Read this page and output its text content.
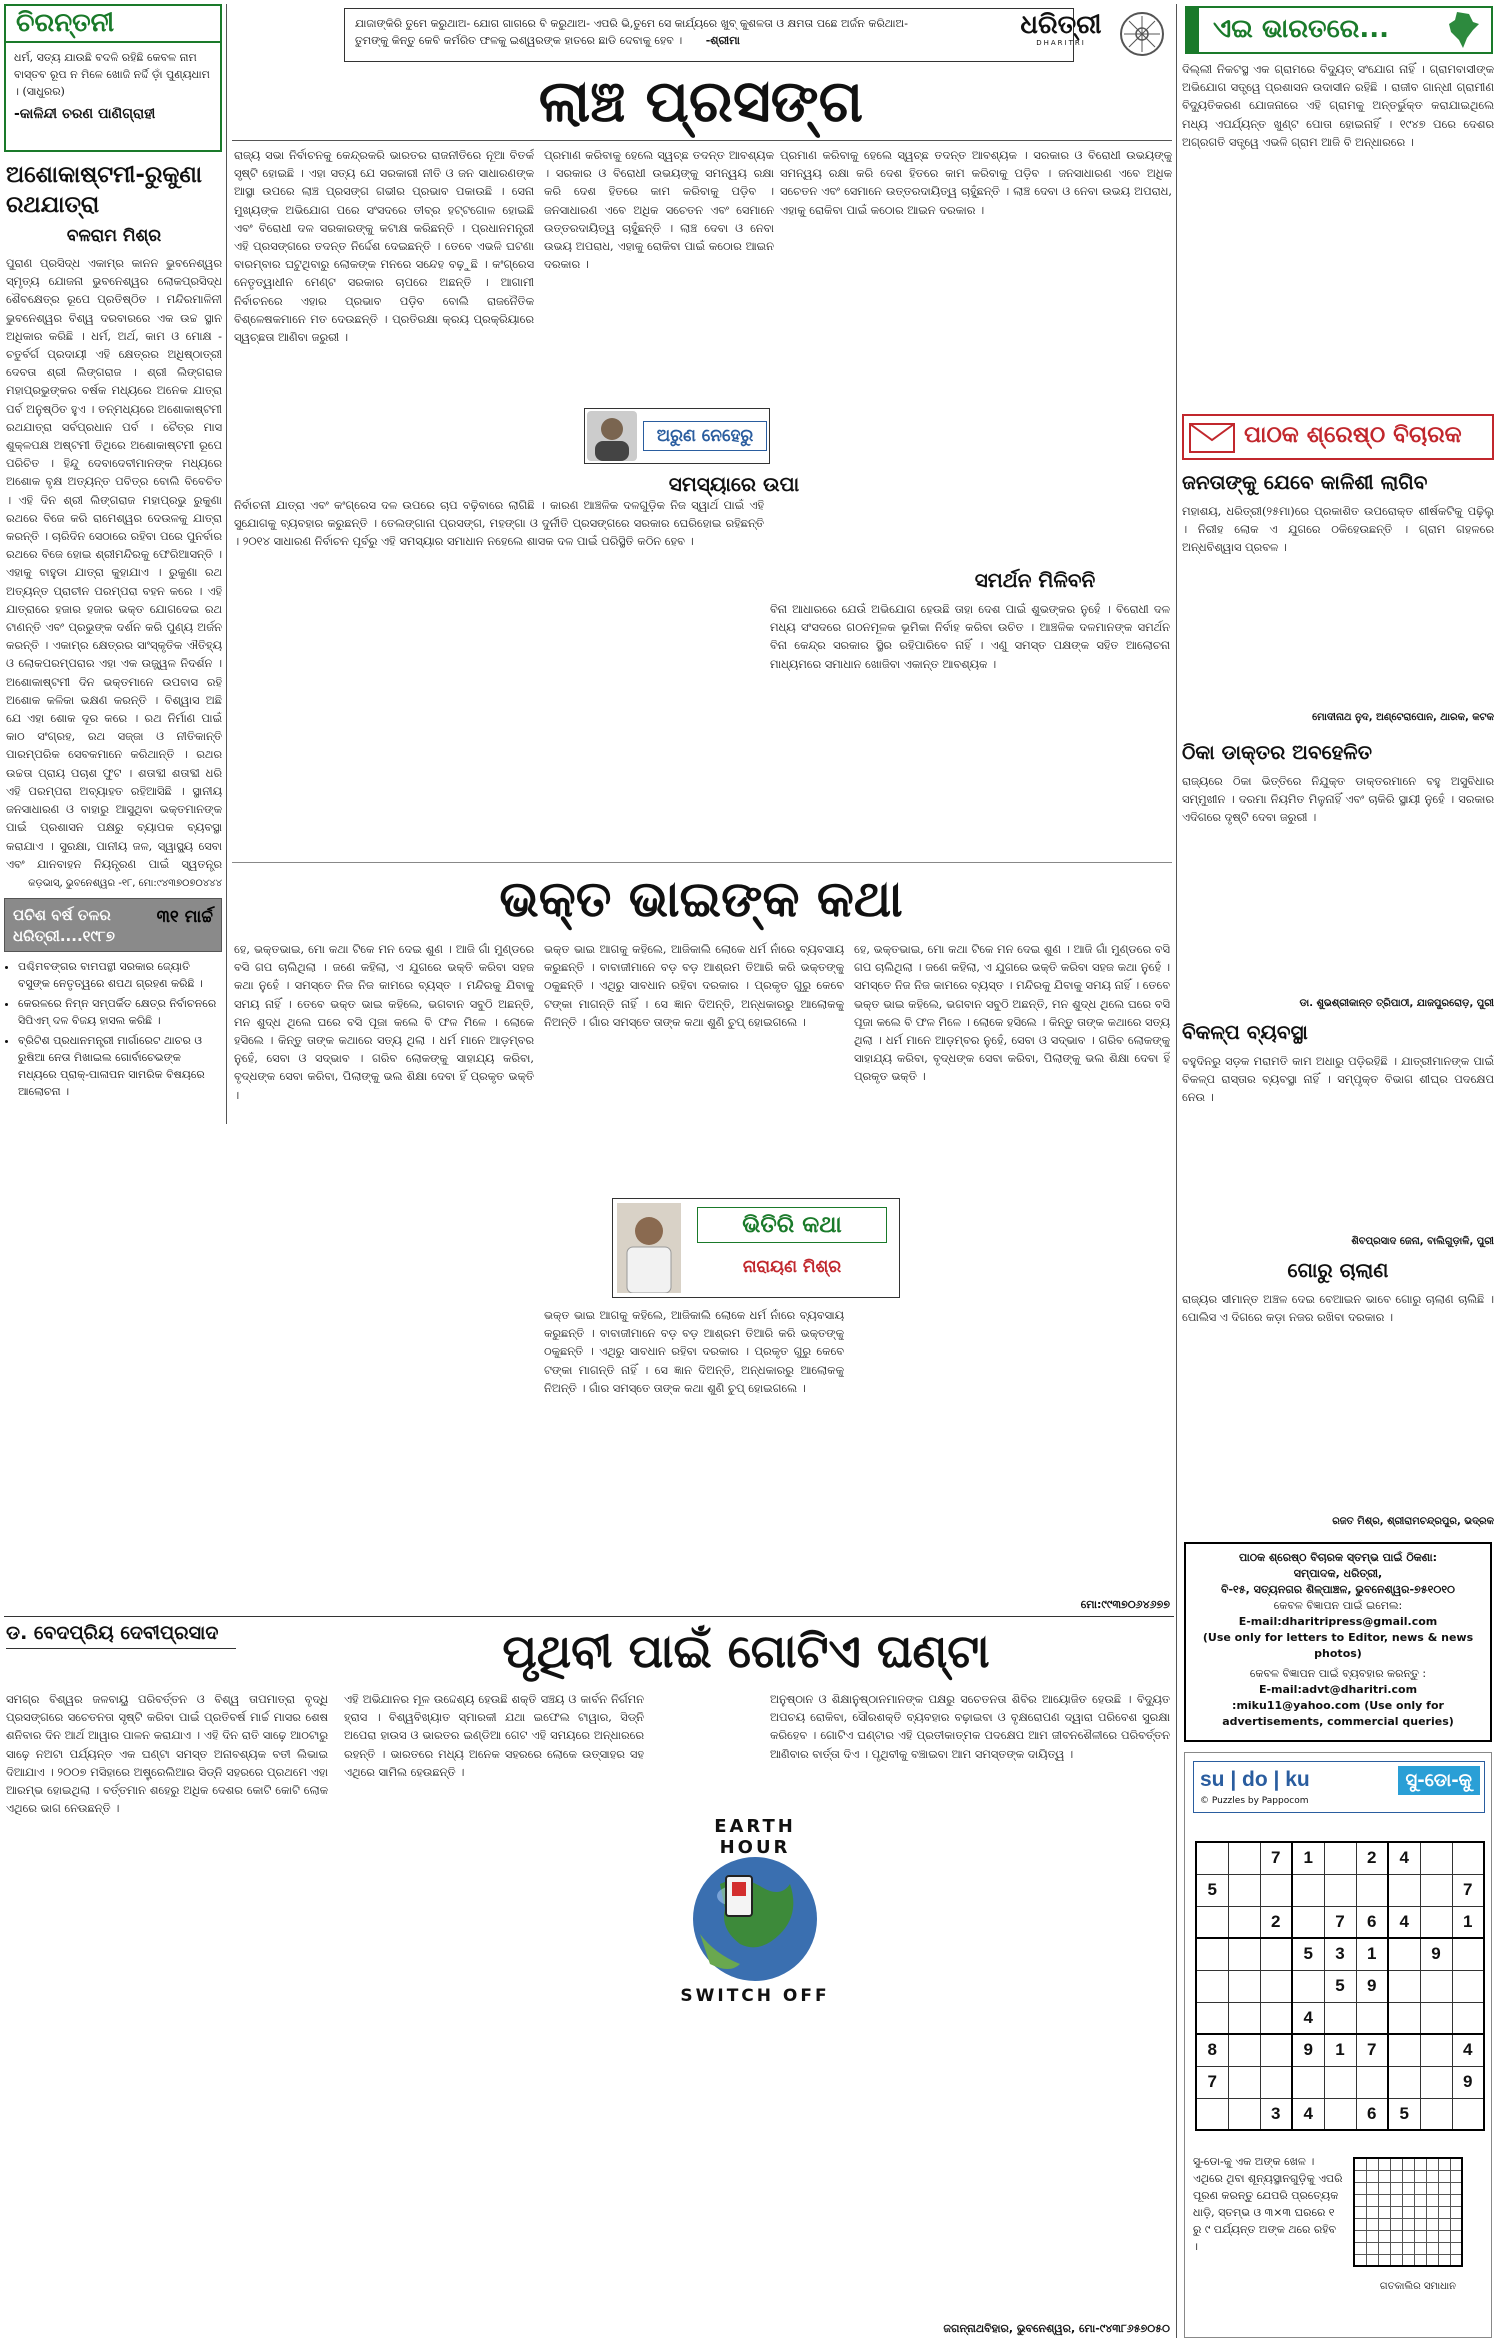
ଚିରନ୍ତନୀ
ଧର୍ମ, ସତ୍ୟ ଯାଉଛି ବଦଳି ରହିଛି କେବଳ ନାମ ବାସ୍ତବ ରୂପ ନ ମିଳେ ଖୋଜି ନର୍ଦ୍ଦି ଡ଼ାଁ ପୁଣ୍ୟଧାମ । (ସାଧୁରର)
-କାଳିନ୍ଦୀ ଚରଣ ପାଣିଗ୍ରାହୀ
ଯାଜାଙ୍କିରି ତୁମେ କରୁଥାଅ- ଯୋଗ ଗାଗରେ ବି କରୁଥାଅ- ଏପରି ଭି,ତୁମେ ସେ କାର୍ଯ୍ୟରେ ଖୁବ୍ କୁଶଳତା ଓ କ୍ଷମତା ପଛେ ଅର୍ଜନ କରିଥାଅ- ତୁମଙ୍କୁ କିନ୍ତୁ କେବି କର୍ମରିତ ଫଳକୁ ଇଶ୍ୱରଙ୍କ ହାତରେ ଛାଡି ଦେବାକୁ ହେବ । -ଶ୍ରୀମା
ଧରିତ୍ରୀ
DHARITRI	ଏଇ ଭାରତରେ...
ଅଶୋକାଷ୍ଟମୀ-ରୁକୁଣା ରଥଯାତ୍ରା
ବଳରାମ ମିଶ୍ର
ପୁରାଣ ପ୍ରସିଦ୍ଧ ଏକାମ୍ର କାନନ ଭୁବନେଶ୍ୱର ସ୍ମୃତ୍ୟ ଯୋଜନା ଭୁବନେଶ୍ୱର ଲୋକପ୍ରସିଦ୍ଧ ଶୈବକ୍ଷେତ୍ର ରୂପେ ପ୍ରତିଷ୍ଠିତ । ମନ୍ଦିରମାଳିନୀ ଭୁବନେଶ୍ୱର ବିଶ୍ୱ ଦରବାରରେ ଏକ ଉଚ୍ଚ ସ୍ଥାନ ଅଧିକାର କରିଛି । ଧର୍ମ, ଅର୍ଥ, କାମ ଓ ମୋକ୍ଷ - ଚତୁର୍ବର୍ଗ ପ୍ରଦାୟୀ ଏହି କ୍ଷେତ୍ରର ଅଧିଷ୍ଠାତ୍ରୀ ଦେବତା ଶ୍ରୀ ଲିଙ୍ଗରାଜ । ଶ୍ରୀ ଲିଙ୍ଗରାଜ ମହାପ୍ରଭୁଙ୍କର ବର୍ଷକ ମଧ୍ୟରେ ଅନେକ ଯାତ୍ରା ପର୍ବ ଅନୁଷ୍ଠିତ ହୁଏ । ତନ୍ମଧ୍ୟରେ ଅଶୋକାଷ୍ଟମୀ ରଥଯାତ୍ରା ସର୍ବପ୍ରଧାନ ପର୍ବ । ଚୈତ୍ର ମାସ ଶୁକ୍ଳପକ୍ଷ ଅଷ୍ଟମୀ ତିଥିରେ ଅଶୋକାଷ୍ଟମୀ ରୂପେ ପରିଚିତ । ହିନ୍ଦୁ ଦେବାଦେବୀମାନଙ୍କ ମଧ୍ୟରେ ଅଶୋକ ବୃକ୍ଷ ଅତ୍ୟନ୍ତ ପବିତ୍ର ବୋଲି ବିବେଚିତ । ଏହି ଦିନ ଶ୍ରୀ ଲିଙ୍ଗରାଜ ମହାପ୍ରଭୁ ରୁକୁଣା ରଥରେ ବିଜେ କରି ରାମେଶ୍ୱର ଦେଉଳକୁ ଯାତ୍ରା କରନ୍ତି । ଚାରିଦିନ ସେଠାରେ ରହିବା ପରେ ପୁନର୍ବାର ରଥରେ ବିଜେ ହୋଇ ଶ୍ରୀମନ୍ଦିରକୁ ଫେରିଆସନ୍ତି । ଏହାକୁ ବାହୁଡା ଯାତ୍ରା କୁହାଯାଏ । ରୁକୁଣା ରଥ ଅତ୍ୟନ୍ତ ପ୍ରାଚୀନ ପରମ୍ପରା ବହନ କରେ । ଏହି ଯାତ୍ରାରେ ହଜାର ହଜାର ଭକ୍ତ ଯୋଗଦେଇ ରଥ ଟାଣନ୍ତି ଏବଂ ପ୍ରଭୁଙ୍କ ଦର୍ଶନ କରି ପୁଣ୍ୟ ଅର୍ଜନ କରନ୍ତି । ଏକାମ୍ର କ୍ଷେତ୍ରର ସାଂସ୍କୃତିକ ଐତିହ୍ୟ ଓ ଲୋକପରମ୍ପରାର ଏହା ଏକ ଉଜ୍ଜ୍ୱଳ ନିଦର୍ଶନ । ଅଶୋକାଷ୍ଟମୀ ଦିନ ଭକ୍ତମାନେ ଉପବାସ ରହି ଅଶୋକ କଳିକା ଭକ୍ଷଣ କରନ୍ତି । ବିଶ୍ୱାସ ଅଛି ଯେ ଏହା ଶୋକ ଦୂର କରେ । ରଥ ନିର୍ମାଣ ପାଇଁ କାଠ ସଂଗ୍ରହ, ରଥ ସଜ୍ଜା ଓ ନୀତିକାନ୍ତି ପାରମ୍ପରିକ ସେବକମାନେ କରିଥାନ୍ତି । ରଥର ଉଚ୍ଚତା ପ୍ରାୟ ପଚାଶ ଫୁଟ । ଶତାବ୍ଦୀ ଶତାବ୍ଦୀ ଧରି ଏହି ପରମ୍ପରା ଅବ୍ୟାହତ ରହିଆସିଛି । ସ୍ଥାନୀୟ ଜନସାଧାରଣ ଓ ବାହାରୁ ଆସୁଥିବା ଭକ୍ତମାନଙ୍କ ପାଇଁ ପ୍ରଶାସନ ପକ୍ଷରୁ ବ୍ୟାପକ ବ୍ୟବସ୍ଥା କରାଯାଏ । ସୁରକ୍ଷା, ପାନୀୟ ଜଳ, ସ୍ୱାସ୍ଥ୍ୟ ସେବା ଏବଂ ଯାନବାହନ ନିୟନ୍ତ୍ରଣ ପାଇଁ ସ୍ୱତନ୍ତ୍ର
କଡ଼ଭାସ୍, ଭୁବନେଶ୍ୱର -୧୮, ମୋ:୯୪୩୭୦୭୦୪୪୪
ପଚିଶ ବର୍ଷ ତଳର ଧରିତ୍ରୀ....୧୯୮୭
୩୧ ମାର୍ଚ୍ଚ
• ପଶ୍ଚିମବଙ୍ଗର ବାମପନ୍ଥୀ ସରକାର ଜ୍ୟୋତି ବସୁଙ୍କ ନେତୃତ୍ୱରେ ଶପଥ ଗ୍ରହଣ କରିଛି ।
• କେରଳରେ ନିମ୍ନ ସମ୍ପର୍କିତ କ୍ଷେତ୍ର ନିର୍ବାଚନରେ ସିପିଏମ୍ ଦଳ ବିଜୟ ହାସଲ କରିଛି ।
• ବ୍ରିଟିଶ ପ୍ରଧାନମନ୍ତ୍ରୀ ମାର୍ଗାରେଟ ଥାଚର ଓ ରୁଷିଆ ନେତା ମିଖାଇଲ ଗୋର୍ବାଚେଭଙ୍କ ମଧ୍ୟରେ ପ୍ରାକ୍-ପାଳାପନ ସାମରିକ ବିଷୟରେ ଆଲୋଚନା ।
ଲାଞ୍ଚ ପ୍ରସଙ୍ଗ
ରାଜ୍ୟ ସଭା ନିର୍ବାଚନକୁ କେନ୍ଦ୍ରକରି ଭାରତର ରାଜନୀତିରେ ନୂଆ ବିତର୍କ ସୃଷ୍ଟି ହୋଇଛି । ଏହା ସତ୍ୟ ଯେ ସରକାରୀ ନୀତି ଓ ଜନ ସାଧାରଣଙ୍କ ଆସ୍ଥା ଉପରେ ଲାଞ୍ଚ ପ୍ରସଙ୍ଗ ଗଭୀର ପ୍ରଭାବ ପକାଉଛି । ସେନା ମୁଖ୍ୟଙ୍କ ଅଭିଯୋଗ ପରେ ସଂସଦରେ ତୀବ୍ର ହଟ୍ଟଗୋଳ ହୋଇଛି ଏବଂ ବିରୋଧୀ ଦଳ ସରକାରଙ୍କୁ କଟାକ୍ଷ କରିଛନ୍ତି । ପ୍ରଧାନମନ୍ତ୍ରୀ ଏହି ପ୍ରସଙ୍ଗରେ ତଦନ୍ତ ନିର୍ଦ୍ଦେଶ ଦେଇଛନ୍ତି । ତେବେ ଏଭଳି ଘଟଣା ବାରମ୍ବାର ଘଟୁଥିବାରୁ ଲୋକଙ୍କ ମନରେ ସନ୍ଦେହ ବଢ଼ୁଛି । କଂଗ୍ରେସ ନେତୃତ୍ୱାଧୀନ ମେଣ୍ଟ ସରକାର ଚାପରେ ଅଛନ୍ତି । ଆଗାମୀ ନିର୍ବାଚନରେ ଏହାର ପ୍ରଭାବ ପଡ଼ିବ ବୋଲି ରାଜନୈତିକ ବିଶ୍ଳେଷକମାନେ ମତ ଦେଉଛନ୍ତି । ପ୍ରତିରକ୍ଷା କ୍ରୟ ପ୍ରକ୍ରିୟାରେ ସ୍ୱଚ୍ଛତା ଆଣିବା ଜରୁରୀ ।
ପ୍ରମାଣ କରିବାକୁ ହେଲେ ସ୍ୱଚ୍ଛ ତଦନ୍ତ ଆବଶ୍ୟକ । ସରକାର ଓ ବିରୋଧୀ ଉଭୟଙ୍କୁ ସମନ୍ୱୟ ରକ୍ଷା କରି ଦେଶ ହିତରେ କାମ କରିବାକୁ ପଡ଼ିବ । ଜନସାଧାରଣ ଏବେ ଅଧିକ ସଚେତନ ଏବଂ ସେମାନେ ଉତ୍ତରଦାୟିତ୍ୱ ଚାହୁଁଛନ୍ତି । ଲାଞ୍ଚ ଦେବା ଓ ନେବା ଉଭୟ ଅପରାଧ, ଏହାକୁ ରୋକିବା ପାଇଁ କଠୋର ଆଇନ ଦରକାର ।
ପ୍ରମାଣ କରିବାକୁ ହେଲେ ସ୍ୱଚ୍ଛ ତଦନ୍ତ ଆବଶ୍ୟକ । ସରକାର ଓ ବିରୋଧୀ ଉଭୟଙ୍କୁ ସମନ୍ୱୟ ରକ୍ଷା କରି ଦେଶ ହିତରେ କାମ କରିବାକୁ ପଡ଼ିବ । ଜନସାଧାରଣ ଏବେ ଅଧିକ ସଚେତନ ଏବଂ ସେମାନେ ଉତ୍ତରଦାୟିତ୍ୱ ଚାହୁଁଛନ୍ତି । ଲାଞ୍ଚ ଦେବା ଓ ନେବା ଉଭୟ ଅପରାଧ, ଏହାକୁ ରୋକିବା ପାଇଁ କଠୋର ଆଇନ ଦରକାର ।
ଅରୁଣ ନେହେରୁ
ସମସ୍ୟାରେ ଉପା
ସମର୍ଥନ ମିଳିବନି
ନିର୍ବାଚନୀ ଯାତ୍ରା ଏବଂ କଂଗ୍ରେସ ଦଳ ଉପରେ ଚାପ ବଢ଼ିବାରେ ଲାଗିଛି । କାରଣ ଆଞ୍ଚଳିକ ଦଳଗୁଡ଼ିକ ନିଜ ସ୍ୱାର୍ଥ ପାଇଁ ଏହି ସୁଯୋଗକୁ ବ୍ୟବହାର କରୁଛନ୍ତି । ତେଲଙ୍ଗାନା ପ୍ରସଙ୍ଗ, ମହଙ୍ଗା ଓ ଦୁର୍ନୀତି ପ୍ରସଙ୍ଗରେ ସରକାର ଘେରିହୋଇ ରହିଛନ୍ତି । ୨୦୧୪ ସାଧାରଣ ନିର୍ବାଚନ ପୂର୍ବରୁ ଏହି ସମସ୍ୟାର ସମାଧାନ ନହେଲେ ଶାସକ ଦଳ ପାଇଁ ପରିସ୍ଥିତି କଠିନ ହେବ ।
ବିନା ଆଧାରରେ ଯେଉଁ ଅଭିଯୋଗ ହେଉଛି ତାହା ଦେଶ ପାଇଁ ଶୁଭଙ୍କର ନୁହେଁ । ବିରୋଧୀ ଦଳ ମଧ୍ୟ ସଂସଦରେ ଗଠନମୂଳକ ଭୂମିକା ନିର୍ବାହ କରିବା ଉଚିତ । ଆଞ୍ଚଳିକ ଦଳମାନଙ୍କ ସମର୍ଥନ ବିନା କେନ୍ଦ୍ର ସରକାର ସ୍ଥିର ରହିପାରିବେ ନାହିଁ । ଏଣୁ ସମସ୍ତ ପକ୍ଷଙ୍କ ସହିତ ଆଲୋଚନା ମାଧ୍ୟମରେ ସମାଧାନ ଖୋଜିବା ଏକାନ୍ତ ଆବଶ୍ୟକ ।
ଭକ୍ତ ଭାଇଙ୍କ କଥା
ହେ, ଭକ୍ତଭାଇ, ମୋ କଥା ଟିକେ ମନ ଦେଇ ଶୁଣ । ଆଜି ଗାଁ ମୁଣ୍ଡରେ ବସି ଗପ ଚାଲିଥିଲା । ଜଣେ କହିଲା, ଏ ଯୁଗରେ ଭକ୍ତି କରିବା ସହଜ କଥା ନୁହେଁ । ସମସ୍ତେ ନିଜ ନିଜ କାମରେ ବ୍ୟସ୍ତ । ମନ୍ଦିରକୁ ଯିବାକୁ ସମୟ ନାହିଁ । ତେବେ ଭକ୍ତ ଭାଇ କହିଲେ, ଭଗବାନ ସବୁଠି ଅଛନ୍ତି, ମନ ଶୁଦ୍ଧ ଥିଲେ ଘରେ ବସି ପୂଜା କଲେ ବି ଫଳ ମିଳେ । ଲୋକେ ହସିଲେ । କିନ୍ତୁ ତାଙ୍କ କଥାରେ ସତ୍ୟ ଥିଲା । ଧର୍ମ ମାନେ ଆଡ଼ମ୍ବର ନୁହେଁ, ସେବା ଓ ସଦ୍ଭାବ । ଗରିବ ଲୋକଙ୍କୁ ସାହାଯ୍ୟ କରିବା, ବୃଦ୍ଧଙ୍କ ସେବା କରିବା, ପିଲାଙ୍କୁ ଭଲ ଶିକ୍ଷା ଦେବା ହିଁ ପ୍ରକୃତ ଭକ୍ତି ।
ଭକ୍ତ ଭାଇ ଆଗକୁ କହିଲେ, ଆଜିକାଲି ଲୋକେ ଧର୍ମ ନାଁରେ ବ୍ୟବସାୟ କରୁଛନ୍ତି । ବାବାଜୀମାନେ ବଡ଼ ବଡ଼ ଆଶ୍ରମ ତିଆରି କରି ଭକ୍ତଙ୍କୁ ଠକୁଛନ୍ତି । ଏଥିରୁ ସାବଧାନ ରହିବା ଦରକାର । ପ୍ରକୃତ ଗୁରୁ କେବେ ଟଙ୍କା ମାଗନ୍ତି ନାହିଁ । ସେ ଜ୍ଞାନ ଦିଅନ୍ତି, ଅନ୍ଧକାରରୁ ଆଲୋକକୁ ନିଅନ୍ତି । ଗାଁର ସମସ୍ତେ ତାଙ୍କ କଥା ଶୁଣି ଚୁପ୍ ହୋଇଗଲେ ।
ହେ, ଭକ୍ତଭାଇ, ମୋ କଥା ଟିକେ ମନ ଦେଇ ଶୁଣ । ଆଜି ଗାଁ ମୁଣ୍ଡରେ ବସି ଗପ ଚାଲିଥିଲା । ଜଣେ କହିଲା, ଏ ଯୁଗରେ ଭକ୍ତି କରିବା ସହଜ କଥା ନୁହେଁ । ସମସ୍ତେ ନିଜ ନିଜ କାମରେ ବ୍ୟସ୍ତ । ମନ୍ଦିରକୁ ଯିବାକୁ ସମୟ ନାହିଁ । ତେବେ ଭକ୍ତ ଭାଇ କହିଲେ, ଭଗବାନ ସବୁଠି ଅଛନ୍ତି, ମନ ଶୁଦ୍ଧ ଥିଲେ ଘରେ ବସି ପୂଜା କଲେ ବି ଫଳ ମିଳେ । ଲୋକେ ହସିଲେ । କିନ୍ତୁ ତାଙ୍କ କଥାରେ ସତ୍ୟ ଥିଲା । ଧର୍ମ ମାନେ ଆଡ଼ମ୍ବର ନୁହେଁ, ସେବା ଓ ସଦ୍ଭାବ । ଗରିବ ଲୋକଙ୍କୁ ସାହାଯ୍ୟ କରିବା, ବୃଦ୍ଧଙ୍କ ସେବା କରିବା, ପିଲାଙ୍କୁ ଭଲ ଶିକ୍ଷା ଦେବା ହିଁ ପ୍ରକୃତ ଭକ୍ତି ।
ଭକ୍ତ ଭାଇ ଆଗକୁ କହିଲେ, ଆଜିକାଲି ଲୋକେ ଧର୍ମ ନାଁରେ ବ୍ୟବସାୟ କରୁଛନ୍ତି । ବାବାଜୀମାନେ ବଡ଼ ବଡ଼ ଆଶ୍ରମ ତିଆରି କରି ଭକ୍ତଙ୍କୁ ଠକୁଛନ୍ତି । ଏଥିରୁ ସାବଧାନ ରହିବା ଦରକାର । ପ୍ରକୃତ ଗୁରୁ କେବେ ଟଙ୍କା ମାଗନ୍ତି ନାହିଁ । ସେ ଜ୍ଞାନ ଦିଅନ୍ତି, ଅନ୍ଧକାରରୁ ଆଲୋକକୁ ନିଅନ୍ତି । ଗାଁର ସମସ୍ତେ ତାଙ୍କ କଥା ଶୁଣି ଚୁପ୍ ହୋଇଗଲେ ।
ଭିତିରି କଥା
ନାରାୟଣ ମିଶ୍ର
ମୋ:୯୯୩୭୦୬୪୬୭୭
ଡ. ବେଦପ୍ରିୟ ଦେବୀପ୍ରସାଦ	ପୃଥିବୀ ପାଇଁ ଗୋଟିଏ ଘଣ୍ଟା
ସମଗ୍ର ବିଶ୍ୱର ଜଳବାୟୁ ପରିବର୍ତ୍ତନ ଓ ବିଶ୍ୱ ତାପମାତ୍ରା ବୃଦ୍ଧି ପ୍ରସଙ୍ଗରେ ସଚେତନତା ସୃଷ୍ଟି କରିବା ପାଇଁ ପ୍ରତିବର୍ଷ ମାର୍ଚ୍ଚ ମାସର ଶେଷ ଶନିବାର ଦିନ ଆର୍ଥ ଆୱାର ପାଳନ କରାଯାଏ । ଏହି ଦିନ ରାତି ସାଢ଼େ ଆଠଟାରୁ ସାଢ଼େ ନଅଟା ପର୍ଯ୍ୟନ୍ତ ଏକ ଘଣ୍ଟା ସମସ୍ତ ଅନାବଶ୍ୟକ ବତୀ ଲିଭାଇ ଦିଆଯାଏ । ୨୦୦୭ ମସିହାରେ ଅଷ୍ଟ୍ରେଲିଆର ସିଡ୍ନି ସହରରେ ପ୍ରଥମେ ଏହା ଆରମ୍ଭ ହୋଇଥିଲା । ବର୍ତ୍ତମାନ ଶହେରୁ ଅଧିକ ଦେଶର କୋଟି କୋଟି ଲୋକ ଏଥିରେ ଭାଗ ନେଉଛନ୍ତି ।
ଏହି ଅଭିଯାନର ମୂଳ ଉଦ୍ଦେଶ୍ୟ ହେଉଛି ଶକ୍ତି ସଞ୍ଚୟ ଓ କାର୍ବନ ନିର୍ଗମନ ହ୍ରାସ । ବିଶ୍ୱବିଖ୍ୟାତ ସ୍ମାରକୀ ଯଥା ଇଫେଲ ଟାୱାର, ସିଡ୍ନି ଅପେରା ହାଉସ ଓ ଭାରତର ଇଣ୍ଡିଆ ଗେଟ ଏହି ସମୟରେ ଅନ୍ଧାରରେ ରହନ୍ତି । ଭାରତରେ ମଧ୍ୟ ଅନେକ ସହରରେ ଲୋକେ ଉତ୍ସାହର ସହ ଏଥିରେ ସାମିଲ ହେଉଛନ୍ତି ।
ଅନୁଷ୍ଠାନ ଓ ଶିକ୍ଷାନୁଷ୍ଠାନମାନଙ୍କ ପକ୍ଷରୁ ସଚେତନତା ଶିବିର ଆୟୋଜିତ ହେଉଛି । ବିଦ୍ୟୁତ ଅପଚୟ ରୋକିବା, ସୌରଶକ୍ତି ବ୍ୟବହାର ବଢ଼ାଇବା ଓ ବୃକ୍ଷରୋପଣ ଦ୍ୱାରା ପରିବେଶ ସୁରକ୍ଷା କରିହେବ । ଗୋଟିଏ ଘଣ୍ଟାର ଏହି ପ୍ରତୀକାତ୍ମକ ପଦକ୍ଷେପ ଆମ ଜୀବନଶୈଳୀରେ ପରିବର୍ତ୍ତନ ଆଣିବାର ବାର୍ତ୍ତା ଦିଏ । ପୃଥିବୀକୁ ବଞ୍ଚାଇବା ଆମ ସମସ୍ତଙ୍କ ଦାୟିତ୍ୱ ।
EARTH HOUR
SWITCH OFF
ଜଗନ୍ନାଥବିହାର, ଭୁବନେଶ୍ୱର, ମୋ-୯୪୩୮୬୫୭୦୫୦
ଦିଲ୍ଲୀ ନିକଟସ୍ଥ ଏକ ଗ୍ରାମରେ ବିଦ୍ୟୁତ୍ ସଂଯୋଗ ନାହିଁ । ଗ୍ରାମବାସୀଙ୍କ ଅଭିଯୋଗ ସତ୍ତ୍ୱେ ପ୍ରଶାସନ ଉଦାସୀନ ରହିଛି । ରାଜୀବ ଗାନ୍ଧୀ ଗ୍ରାମୀଣ ବିଦ୍ୟୁତିକରଣ ଯୋଜନାରେ ଏହି ଗ୍ରାମକୁ ଅନ୍ତର୍ଭୁକ୍ତ କରାଯାଇଥିଲେ ମଧ୍ୟ ଏପର୍ଯ୍ୟନ୍ତ ଖୁଣ୍ଟ ପୋତା ହୋଇନାହିଁ । ୧୯୪୭ ପରେ ଦେଶର ଅଗ୍ରଗତି ସତ୍ତ୍ୱେ ଏଭଳି ଗ୍ରାମ ଆଜି ବି ଅନ୍ଧାରରେ ।
ପାଠକ ଶ୍ରେଷ୍ଠ ବିଚାରକ
ଜନତାଙ୍କୁ ଯେବେ କାଳିଶୀ ଲାଗିବ
ମହାଶୟ, ଧରିତ୍ରୀ(୨୫ମା)ରେ ପ୍ରକାଶିତ ଉପରୋକ୍ତ ଶୀର୍ଷକଟିକୁ ପଢ଼ିଲୁ । ନିରୀହ ଲୋକ ଏ ଯୁଗରେ ଠକିହେଉଛନ୍ତି । ଗ୍ରାମ ଗହଳରେ ଅନ୍ଧବିଶ୍ୱାସ ପ୍ରବଳ ।
ମୋଦୀନାଥ ନୁଦ, ଅଣ୍ଟେରାପୋନ, ଥାରକ, କଟକ
ଠିକା ଡାକ୍ତର ଅବହେଳିତ
ରାଜ୍ୟରେ ଠିକା ଭିତ୍ତିରେ ନିଯୁକ୍ତ ଡାକ୍ତରମାନେ ବହୁ ଅସୁବିଧାର ସମ୍ମୁଖୀନ । ଦରମା ନିୟମିତ ମିଳୁନାହିଁ ଏବଂ ଚାକିରି ସ୍ଥାୟୀ ନୁହେଁ । ସରକାର ଏଦିଗରେ ଦୃଷ୍ଟି ଦେବା ଜରୁରୀ ।
ଡା. ଶୁଭଶ୍ରୀକାନ୍ତ ତ୍ରିପାଠୀ, ଯାଜପୁରରୋଡ଼, ପୁରୀ
ବିକଳ୍ପ ବ୍ୟବସ୍ଥା
ବହୁଦିନରୁ ସଡ଼କ ମରାମତି କାମ ଅଧାରୁ ପଡ଼ିରହିଛି । ଯାତ୍ରୀମାନଙ୍କ ପାଇଁ ବିକଳ୍ପ ରାସ୍ତାର ବ୍ୟବସ୍ଥା ନାହିଁ । ସମ୍ପୃକ୍ତ ବିଭାଗ ଶୀଘ୍ର ପଦକ୍ଷେପ ନେଉ ।
ଶିବପ୍ରସାଦ ଜେନା, ବାଲିଗୁଡ଼ାଳି, ପୁରୀ
ଗୋରୁ ଚାଲାଣ
ରାଜ୍ୟର ସୀମାନ୍ତ ଅଞ୍ଚଳ ଦେଇ ବେଆଇନ ଭାବେ ଗୋରୁ ଚାଲାଣ ଚାଲିଛି । ପୋଲିସ ଏ ଦିଗରେ କଡ଼ା ନଜର ରଖିବା ଦରକାର ।
ରଜତ ମିଶ୍ର, ଶ୍ରୀରାମଚନ୍ଦ୍ରପୁର, ଭଦ୍ରକ
ପାଠକ ଶ୍ରେଷ୍ଠ ବିଚାରକ ସ୍ତମ୍ଭ ପାଇଁ ଠିକଣା:
ସମ୍ପାଦକ, ଧରିତ୍ରୀ,
ବି-୧୫, ସତ୍ୟନଗର ଶିଳ୍ପାଞ୍ଚଳ, ଭୁବନେଶ୍ୱର-୭୫୧୦୧୦
କେବଳ ବିଜ୍ଞାପନ ପାଇଁ ଇମେଲ:
E-mail:dharitripress@gmail.com
(Use only for letters to Editor, news & news photos)
କେବଳ ବିଜ୍ଞାପନ ପାଇଁ ବ୍ୟବହାର କରନ୍ତୁ :
E-mail:advt@dharitri.com
:miku11@yahoo.com (Use only for advertisements, commercial queries)
su | do | ku	ସୁ-ଡୋ-କୁ
© Puzzles by Pappocom
		7	1		2	4		
5								7
		2		7	6	4		1
			5	3	1		9	
				5	9			
			4					
8			9	1	7			4
7								9
		3	4		6	5		
ସୁ-ଡୋ-କୁ ଏକ ଅଙ୍କ ଖେଳ । ଏଥିରେ ଥିବା ଶୂନ୍ୟସ୍ଥାନଗୁଡ଼ିକୁ ଏପରି ପୂରଣ କରନ୍ତୁ ଯେପରି ପ୍ରତ୍ୟେକ ଧାଡ଼ି, ସ୍ତମ୍ଭ ଓ ୩×୩ ଘରରେ ୧ ରୁ ୯ ପର୍ଯ୍ୟନ୍ତ ଅଙ୍କ ଥରେ ରହିବ ।

ଗତକାଲିର ସମାଧାନ
